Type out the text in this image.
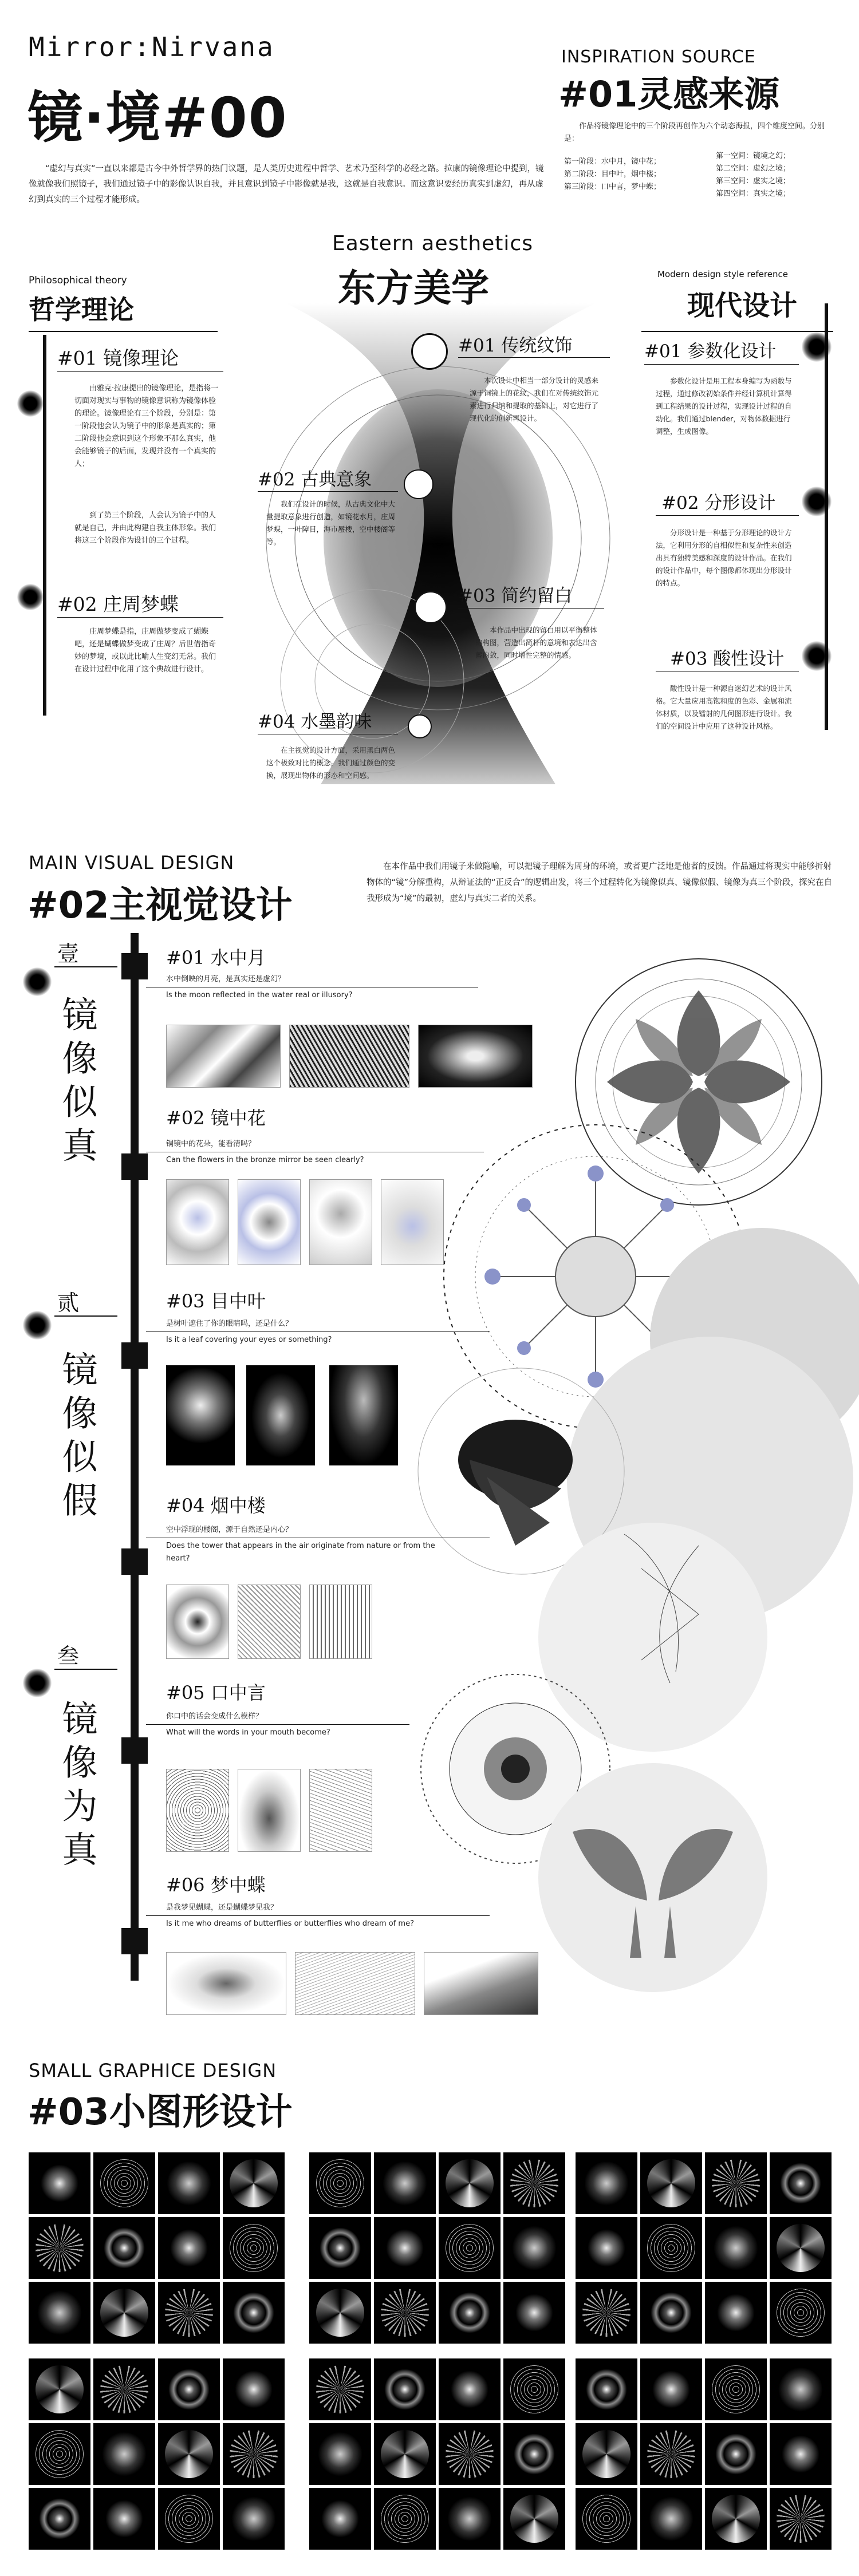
Mirror:Nirvana
镜·境#00
“虚幻与真实”一直以来都是古今中外哲学界的热门议题，是人类历史进程中哲学、艺术乃至科学的必经之路。拉康的镜像理论中提到，镜像就像我们照镜子，我们通过镜子中的影像认识自我，并且意识到镜子中影像就是我，这就是自我意识。而这意识要经历真实到虚幻，再从虚幻到真实的三个过程才能形成。
INSPIRATION SOURCE
#01灵感来源
作品将镜像理论中的三个阶段再创作为六个动态海报，四个维度空间。分别是：
第一阶段：水中月，镜中花；
第二阶段：目中叶，烟中楼；
第三阶段：口中言，梦中蝶；
第一空间：镜境之幻；
第二空间：虚幻之境；
第三空间：虚实之境；
第四空间：真实之境；
Philosophical theory
哲学理论
#01 镜像理论
由雅克·拉康提出的镜像理论，是指将一切面对现实与事物的镜像意识称为镜像体验的理论。镜像理论有三个阶段，分别是：第一阶段他会认为镜子中的形象是真实的；第二阶段他会意识到这个形象不那么真实，他会能够镜子的后面，发现并没有一个真实的人；
到了第三个阶段，人会认为镜子中的人就是自己，并由此构建自我主体形象。我们将这三个阶段作为设计的三个过程。
#02 庄周梦蝶
庄周梦蝶是指，庄周做梦变成了蝴蝶吧，还是蝴蝶做梦变成了庄周？后世借指奇妙的梦境，或以此比喻人生变幻无常。我们在设计过程中化用了这个典故进行设计。
Eastern aesthetics
东方美学
#01 传统纹饰
本次设计中相当一部分设计的灵感来源于铜镜上的花纹，我们在对传统纹饰元素进行归纳和提取的基础上，对它进行了现代化的创新再设计。
#02 古典意象
我们在设计的时候，从古典文化中大量提取意象进行创造，如镜花水月，庄周梦蝶，一叶障目，海市蜃楼，空中楼阁等等。
#03 简约留白
本作品中出现的留白用以平衡整体的构图，营造出简朴的意境和表达出含蓄内敛，同时增性完整的情感。
#04 水墨韵味
在主视觉的设计方面，采用黑白两色这个极致对比的概念，我们通过颜色的变换，展现出物体的形态和空间感。
Modern design style reference
现代设计
#01 参数化设计
参数化设计是用工程本身编写为函数与过程，通过修改初始条件并经计算机计算得到工程结果的设计过程，实现设计过程的自动化。我们通过blender，对物体数据进行调整，生成图像。
#02 分形设计
分形设计是一种基于分形理论的设计方法，它利用分形的自相似性和复杂性来创造出具有独特美感和深度的设计作品。在我们的设计作品中，每个图像都体现出分形设计的特点。
#03 酸性设计
酸性设计是一种源自迷幻艺术的设计风格。它大量应用高饱和度的色彩、金属和流体材质，以及镭射的几何图形进行设计。我们的空间设计中应用了这种设计风格。
MAIN VISUAL DESIGN
#02主视觉设计
在本作品中我们用镜子来做隐喻，可以把镜子理解为周身的环境，或者更广泛地是他者的反馈。作品通过将现实中能够折射物体的“镜”分解重构，从辩证法的“正反合”的逻辑出发，将三个过程转化为镜像似真、镜像似假、镜像为真三个阶段，探究在自我形成为“境”的最初，虚幻与真实二者的关系。
壹
镜像似真
贰
镜像似假
叁
镜像为真
#01 水中月
水中倒映的月亮，是真实还是虚幻？
Is the moon reflected in the water real or illusory?
#02 镜中花
铜镜中的花朵，能看清吗？
Can the flowers in the bronze mirror be seen clearly?
#03 目中叶
是树叶遮住了你的眼睛吗，还是什么？
Is it a leaf covering your eyes or something?
#04 烟中楼
空中浮现的楼阁，源于自然还是内心？
Does the tower that appears in the air originate from nature or from the heart?
#05 口中言
你口中的话会变成什么模样？
What will the words in your mouth become?
#06 梦中蝶
是我梦见蝴蝶，还是蝴蝶梦见我？
Is it me who dreams of butterflies or butterflies who dream of me?
SMALL GRAPHICE DESIGN
#03小图形设计
